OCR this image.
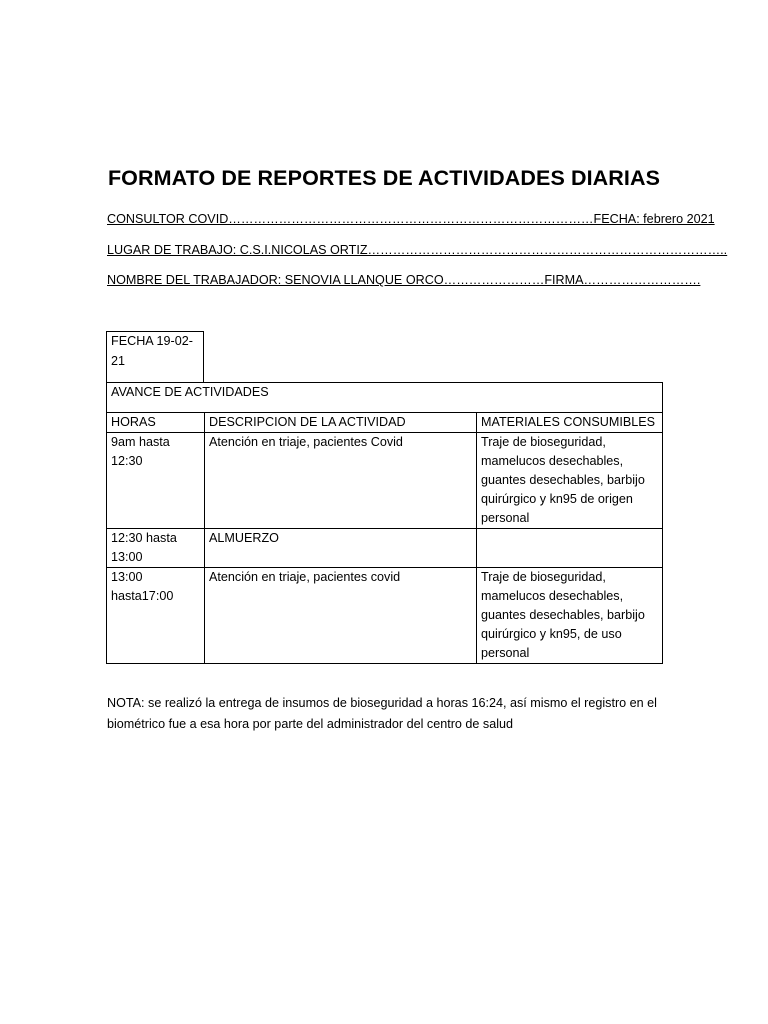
FORMATO DE REPORTES DE ACTIVIDADES DIARIAS
CONSULTOR COVID……………………………………………………………………………FECHA: febrero 2021
LUGAR DE TRABAJO: C.S.I.NICOLAS ORTIZ…………………………………………………………………………..
NOMBRE DEL TRABAJADOR: SENOVIA LLANQUE ORCO……………………FIRMA……………………….
FECHA 19-02-21
AVANCE DE ACTIVIDADES		
HORAS	DESCRIPCION DE LA ACTIVIDAD	MATERIALES CONSUMIBLES
9am hasta 12:30	Atención en triaje, pacientes Covid	Traje de bioseguridad, mamelucos desechables, guantes desechables, barbijo quirúrgico y kn95 de origen personal
12:30 hasta 13:00	ALMUERZO	
13:00 hasta17:00	Atención en triaje, pacientes covid	Traje de bioseguridad, mamelucos desechables, guantes desechables, barbijo quirúrgico y kn95, de uso personal
NOTA: se realizó la entrega de insumos de bioseguridad a horas 16:24, así mismo el registro en el biométrico fue a esa hora por parte del administrador del centro de salud
